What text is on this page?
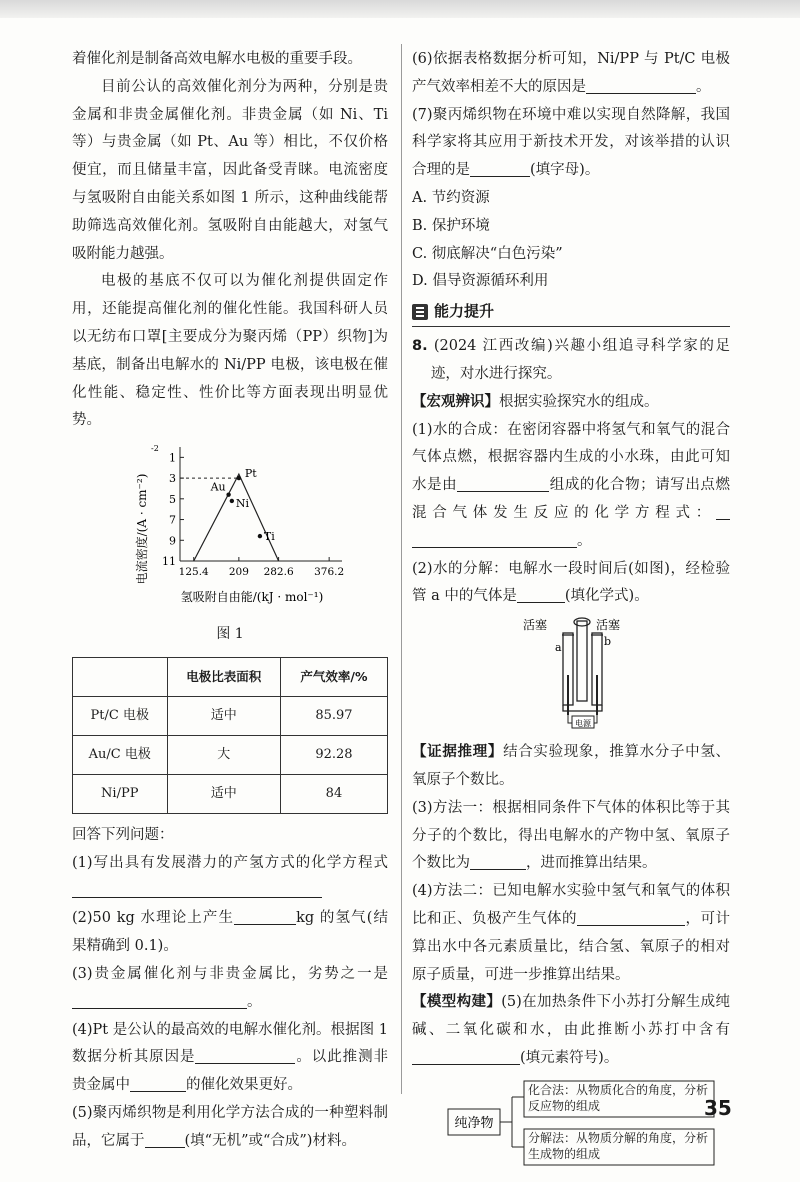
着催化剂是制备高效电解水电极的重要手段。

目前公认的高效催化剂分为两种，分别是贵金属和非贵金属催化剂。非贵金属（如 Ni、Ti 等）与贵金属（如 Pt、Au 等）相比，不仅价格便宜，而且储量丰富，因此备受青睐。电流密度与氢吸附自由能关系如图 1 所示，这种曲线能帮助筛选高效催化剂。氢吸附自由能越大，对氢气吸附能力越强。

电极的基底不仅可以为催化剂提供固定作用，还能提高催化剂的催化性能。我国科研人员以无纺布口罩[主要成分为聚丙烯（PP）织物]为基底，制备出电解水的 Ni/PP 电极，该电极在催化性能、稳定性、性价比等方面表现出明显优势。

电流密度/(A · cm⁻²)
-2
1
3
5
7
9
11
125.4 209 282.6 376.2
Pt
Au
Ni
Ti
氢吸附自由能/(kJ · mol⁻¹)
图 1
	电极比表面积	产气效率/%
Pt/C 电极	适中	85.97
Au/C 电极	大	92.28
Ni/PP	适中	84

回答下列问题：

(1)写出具有发展潜力的产氢方式的化学方程式

(2)50 kg 水理论上产生	kg 的氢气(结果精确到 0.1)。

(3)贵金属催化剂与非贵金属比，劣势之一是 。

(4)Pt 是公认的最高效的电解水催化剂。根据图 1 数据分析其原因是	。以此推测非贵金属中	的催化效果更好。

(5)聚丙烯织物是利用化学方法合成的一种塑料制品，它属于	(填“无机”或“合成”)材料。

(6)依据表格数据分析可知，Ni/PP 与 Pt/C 电极产气效率相差不大的原因是	。

(7)聚丙烯织物在环境中难以实现自然降解，我国科学家将其应用于新技术开发，对该举措的认识合理的是	(填字母)。

A. 节约资源

B. 保护环境

C. 彻底解决“白色污染”

D. 倡导资源循环利用

能力提升

8. (2024 江西改编)兴趣小组追寻科学家的足迹，对水进行探究。

【宏观辨识】根据实验探究水的组成。

(1)水的合成：在密闭容器中将氢气和氧气的混合气体点燃，根据容器内生成的小水珠，由此可知水是由	组成的化合物；请写出点燃混合气体发生反应的化学方程式： 。

(2)水的分解：电解水一段时间后(如图)，经检验管 a 中的气体是	(填化学式)。

活塞	活塞
a	b
电源

【证据推理】结合实验现象，推算水分子中氢、氧原子个数比。

(3)方法一：根据相同条件下气体的体积比等于其分子的个数比，得出电解水的产物中氢、氧原子个数比为	，进而推算出结果。

(4)方法二：已知电解水实验中氢气和氧气的体积比和正、负极产生气体的	，可计算出水中各元素质量比，结合氢、氧原子的相对原子质量，可进一步推算出结果。

【模型构建】(5)在加热条件下小苏打分解生成纯碱、二氧化碳和水，由此推断小苏打中含有(填元素符号)。

纯净物
化合法：从物质化合的角度，分析反应物的组成
分解法：从物质分解的角度，分析生成物的组成
35
